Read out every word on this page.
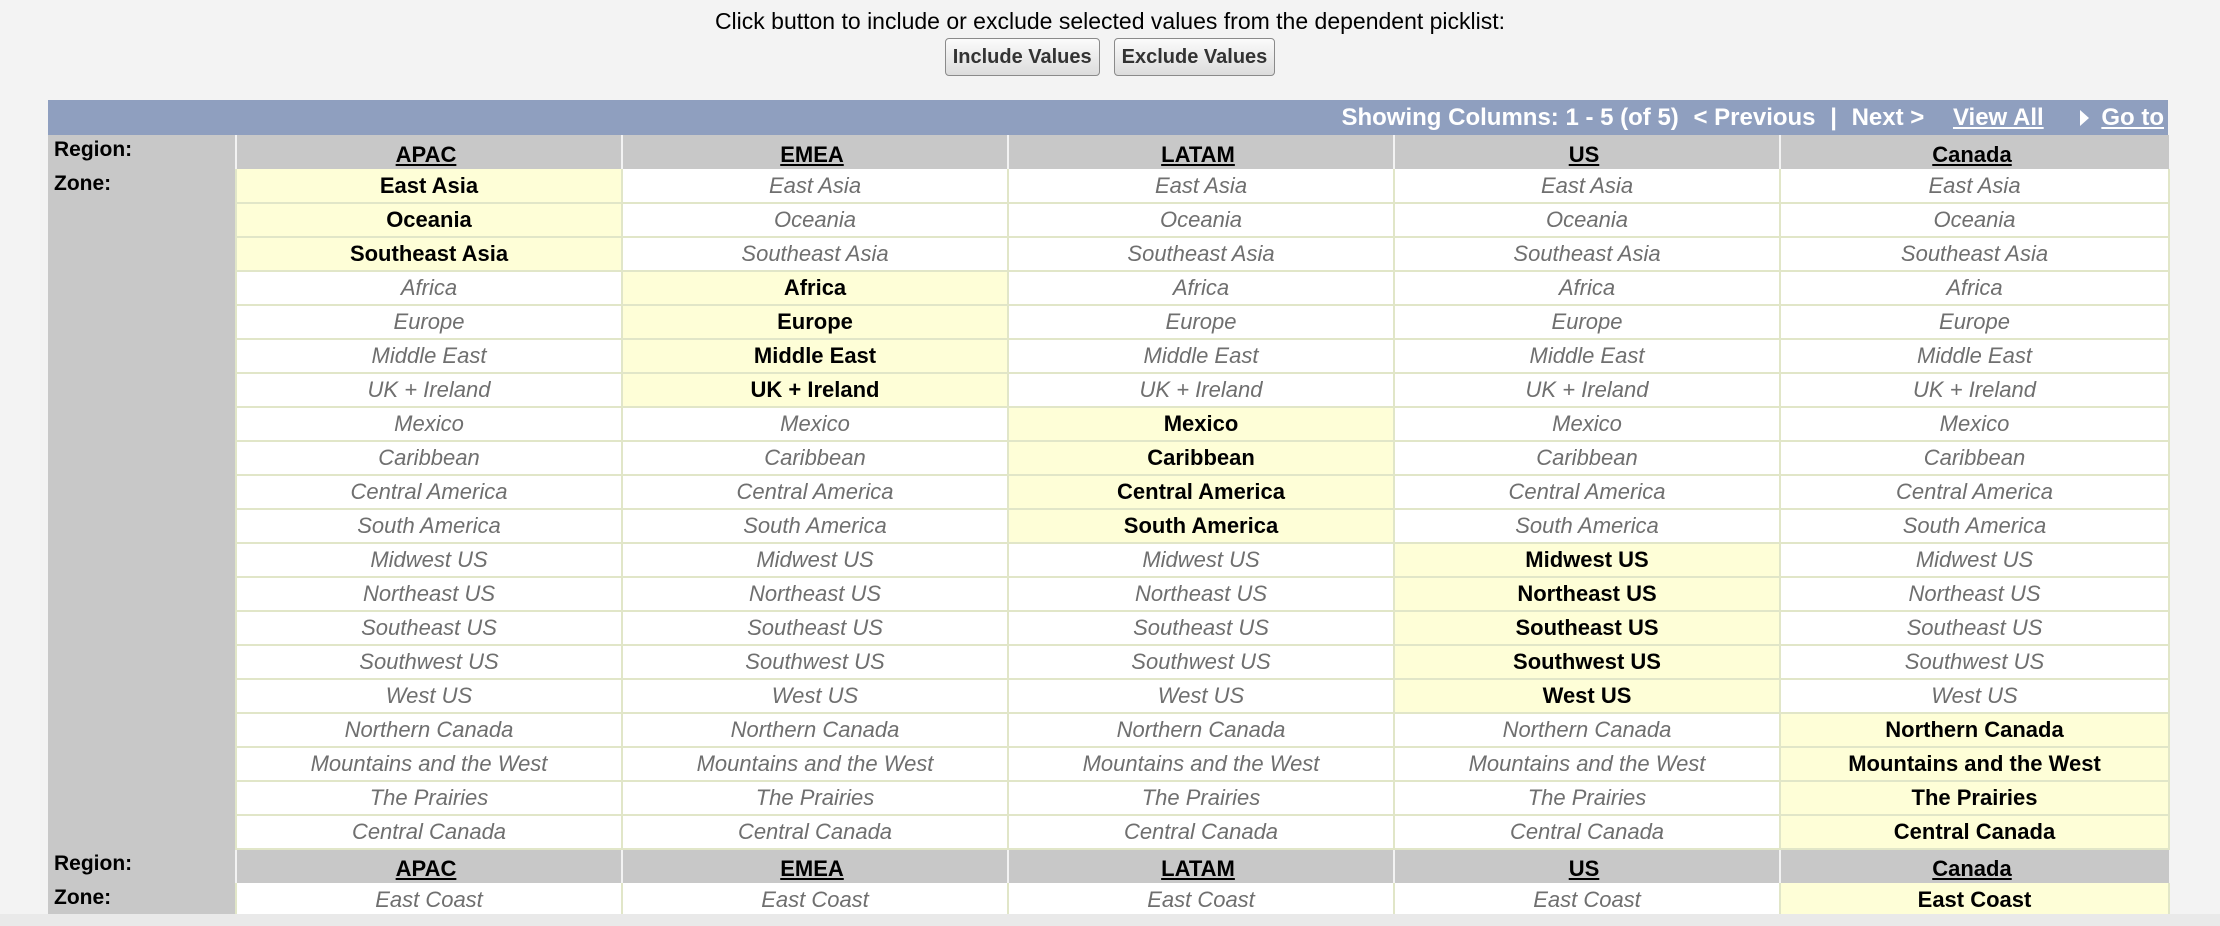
Click button to include or exclude selected values from the dependent picklist:
Include Values Exclude Values
Showing Columns: 1 - 5 (of 5) < Previous | Next > View All Go to
Region:	APAC	EMEA	LATAM	US	Canada
Zone:	East Asia	East Asia	East Asia	East Asia	East Asia
	Oceania	Oceania	Oceania	Oceania	Oceania
	Southeast Asia	Southeast Asia	Southeast Asia	Southeast Asia	Southeast Asia
	Africa	Africa	Africa	Africa	Africa
	Europe	Europe	Europe	Europe	Europe
	Middle East	Middle East	Middle East	Middle East	Middle East
	UK + Ireland	UK + Ireland	UK + Ireland	UK + Ireland	UK + Ireland
	Mexico	Mexico	Mexico	Mexico	Mexico
	Caribbean	Caribbean	Caribbean	Caribbean	Caribbean
	Central America	Central America	Central America	Central America	Central America
	South America	South America	South America	South America	South America
	Midwest US	Midwest US	Midwest US	Midwest US	Midwest US
	Northeast US	Northeast US	Northeast US	Northeast US	Northeast US
	Southeast US	Southeast US	Southeast US	Southeast US	Southeast US
	Southwest US	Southwest US	Southwest US	Southwest US	Southwest US
	West US	West US	West US	West US	West US
	Northern Canada	Northern Canada	Northern Canada	Northern Canada	Northern Canada
	Mountains and the West	Mountains and the West	Mountains and the West	Mountains and the West	Mountains and the West
	The Prairies	The Prairies	The Prairies	The Prairies	The Prairies
	Central Canada	Central Canada	Central Canada	Central Canada	Central Canada
Region:	APAC	EMEA	LATAM	US	Canada
Zone:	East Coast	East Coast	East Coast	East Coast	East Coast
